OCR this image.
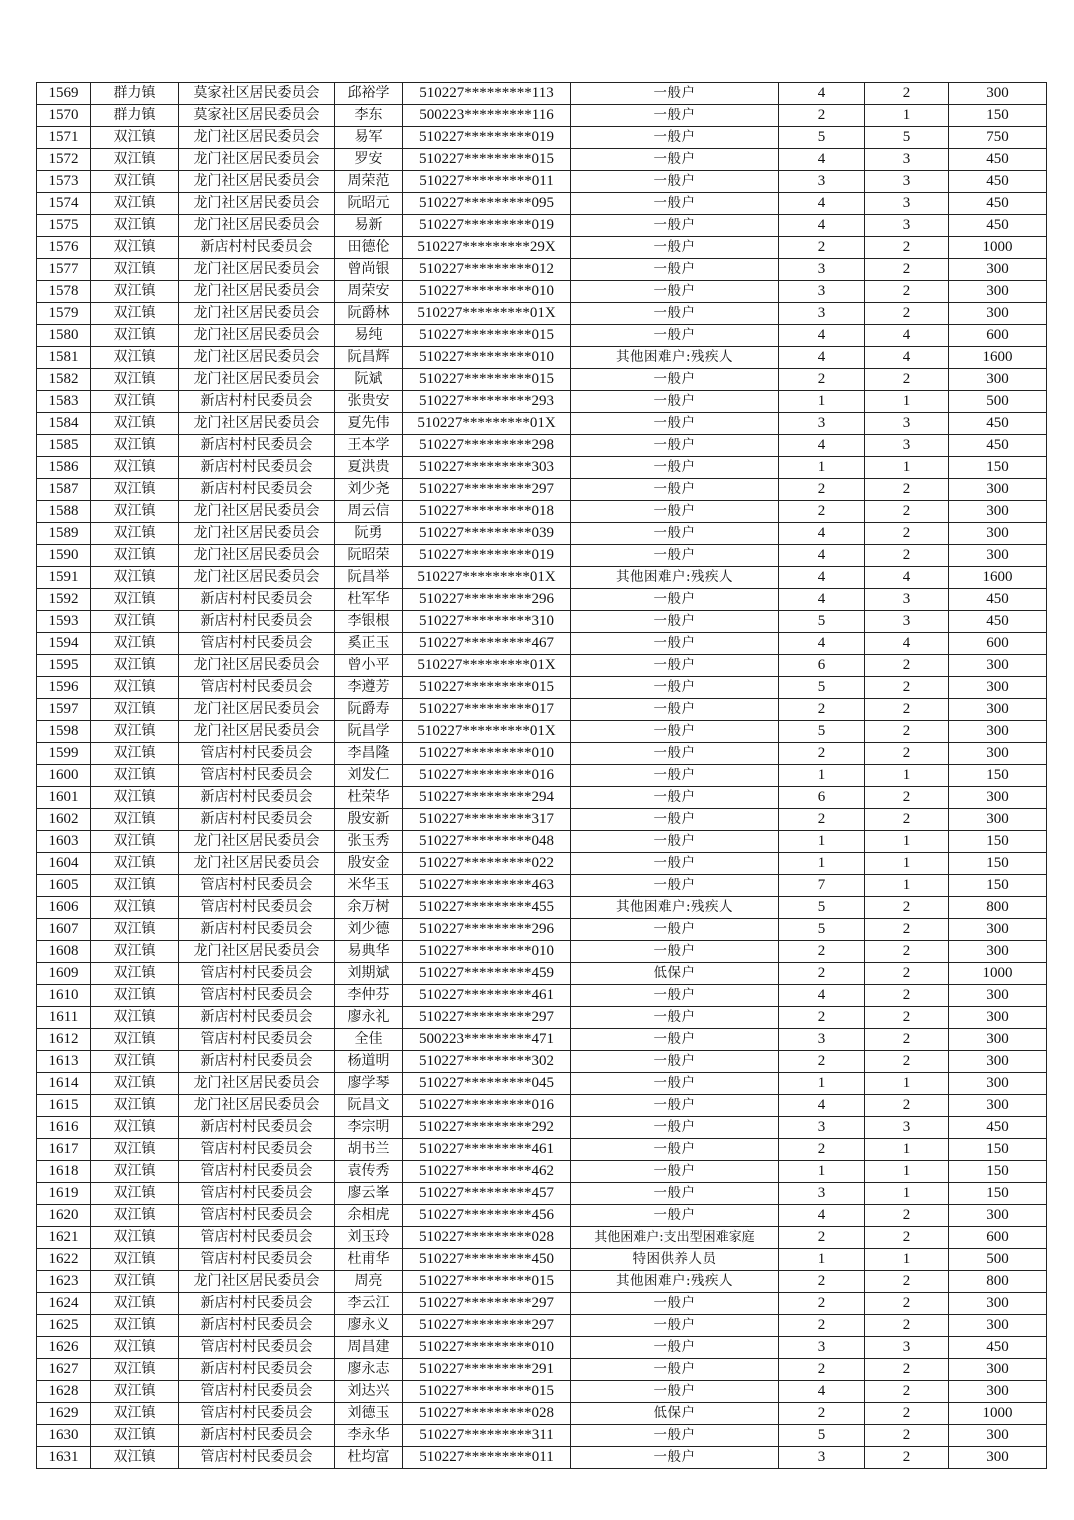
1569	群力镇	莫家社区居民委员会	邱裕学	510227*********113	一般户	4	2	300
1570	群力镇	莫家社区居民委员会	李东	500223*********116	一般户	2	1	150
1571	双江镇	龙门社区居民委员会	易军	510227*********019	一般户	5	5	750
1572	双江镇	龙门社区居民委员会	罗安	510227*********015	一般户	4	3	450
1573	双江镇	龙门社区居民委员会	周荣范	510227*********011	一般户	3	3	450
1574	双江镇	龙门社区居民委员会	阮昭元	510227*********095	一般户	4	3	450
1575	双江镇	龙门社区居民委员会	易新	510227*********019	一般户	4	3	450
1576	双江镇	新店村村民委员会	田德伦	510227*********29X	一般户	2	2	1000
1577	双江镇	龙门社区居民委员会	曾尚银	510227*********012	一般户	3	2	300
1578	双江镇	龙门社区居民委员会	周荣安	510227*********010	一般户	3	2	300
1579	双江镇	龙门社区居民委员会	阮爵林	510227*********01X	一般户	3	2	300
1580	双江镇	龙门社区居民委员会	易纯	510227*********015	一般户	4	4	600
1581	双江镇	龙门社区居民委员会	阮昌辉	510227*********010	其他困难户:残疾人	4	4	1600
1582	双江镇	龙门社区居民委员会	阮斌	510227*********015	一般户	2	2	300
1583	双江镇	新店村村民委员会	张贵安	510227*********293	一般户	1	1	500
1584	双江镇	龙门社区居民委员会	夏先伟	510227*********01X	一般户	3	3	450
1585	双江镇	新店村村民委员会	王本学	510227*********298	一般户	4	3	450
1586	双江镇	新店村村民委员会	夏洪贵	510227*********303	一般户	1	1	150
1587	双江镇	新店村村民委员会	刘少尧	510227*********297	一般户	2	2	300
1588	双江镇	龙门社区居民委员会	周云信	510227*********018	一般户	2	2	300
1589	双江镇	龙门社区居民委员会	阮勇	510227*********039	一般户	4	2	300
1590	双江镇	龙门社区居民委员会	阮昭荣	510227*********019	一般户	4	2	300
1591	双江镇	龙门社区居民委员会	阮昌举	510227*********01X	其他困难户:残疾人	4	4	1600
1592	双江镇	新店村村民委员会	杜军华	510227*********296	一般户	4	3	450
1593	双江镇	新店村村民委员会	李银根	510227*********310	一般户	5	3	450
1594	双江镇	管店村村民委员会	奚正玉	510227*********467	一般户	4	4	600
1595	双江镇	龙门社区居民委员会	曾小平	510227*********01X	一般户	6	2	300
1596	双江镇	管店村村民委员会	李遵芳	510227*********015	一般户	5	2	300
1597	双江镇	龙门社区居民委员会	阮爵寿	510227*********017	一般户	2	2	300
1598	双江镇	龙门社区居民委员会	阮昌学	510227*********01X	一般户	5	2	300
1599	双江镇	管店村村民委员会	李昌隆	510227*********010	一般户	2	2	300
1600	双江镇	管店村村民委员会	刘发仁	510227*********016	一般户	1	1	150
1601	双江镇	新店村村民委员会	杜荣华	510227*********294	一般户	6	2	300
1602	双江镇	新店村村民委员会	殷安新	510227*********317	一般户	2	2	300
1603	双江镇	龙门社区居民委员会	张玉秀	510227*********048	一般户	1	1	150
1604	双江镇	龙门社区居民委员会	殷安金	510227*********022	一般户	1	1	150
1605	双江镇	管店村村民委员会	米华玉	510227*********463	一般户	7	1	150
1606	双江镇	管店村村民委员会	余万树	510227*********455	其他困难户:残疾人	5	2	800
1607	双江镇	新店村村民委员会	刘少德	510227*********296	一般户	5	2	300
1608	双江镇	龙门社区居民委员会	易典华	510227*********010	一般户	2	2	300
1609	双江镇	管店村村民委员会	刘期斌	510227*********459	低保户	2	2	1000
1610	双江镇	管店村村民委员会	李仲芬	510227*********461	一般户	4	2	300
1611	双江镇	新店村村民委员会	廖永礼	510227*********297	一般户	2	2	300
1612	双江镇	管店村村民委员会	全佳	500223*********471	一般户	3	2	300
1613	双江镇	新店村村民委员会	杨道明	510227*********302	一般户	2	2	300
1614	双江镇	龙门社区居民委员会	廖学琴	510227*********045	一般户	1	1	300
1615	双江镇	龙门社区居民委员会	阮昌文	510227*********016	一般户	4	2	300
1616	双江镇	新店村村民委员会	李宗明	510227*********292	一般户	3	3	450
1617	双江镇	管店村村民委员会	胡书兰	510227*********461	一般户	2	1	150
1618	双江镇	管店村村民委员会	袁传秀	510227*********462	一般户	1	1	150
1619	双江镇	管店村村民委员会	廖云峯	510227*********457	一般户	3	1	150
1620	双江镇	管店村村民委员会	余相虎	510227*********456	一般户	4	2	300
1621	双江镇	管店村村民委员会	刘玉玲	510227*********028	其他困难户:支出型困难家庭	2	2	600
1622	双江镇	管店村村民委员会	杜甫华	510227*********450	特困供养人员	1	1	500
1623	双江镇	龙门社区居民委员会	周亮	510227*********015	其他困难户:残疾人	2	2	800
1624	双江镇	新店村村民委员会	李云江	510227*********297	一般户	2	2	300
1625	双江镇	新店村村民委员会	廖永义	510227*********297	一般户	2	2	300
1626	双江镇	管店村村民委员会	周昌建	510227*********010	一般户	3	3	450
1627	双江镇	新店村村民委员会	廖永志	510227*********291	一般户	2	2	300
1628	双江镇	管店村村民委员会	刘达兴	510227*********015	一般户	4	2	300
1629	双江镇	管店村村民委员会	刘德玉	510227*********028	低保户	2	2	1000
1630	双江镇	新店村村民委员会	李永华	510227*********311	一般户	5	2	300
1631	双江镇	管店村村民委员会	杜均富	510227*********011	一般户	3	2	300
